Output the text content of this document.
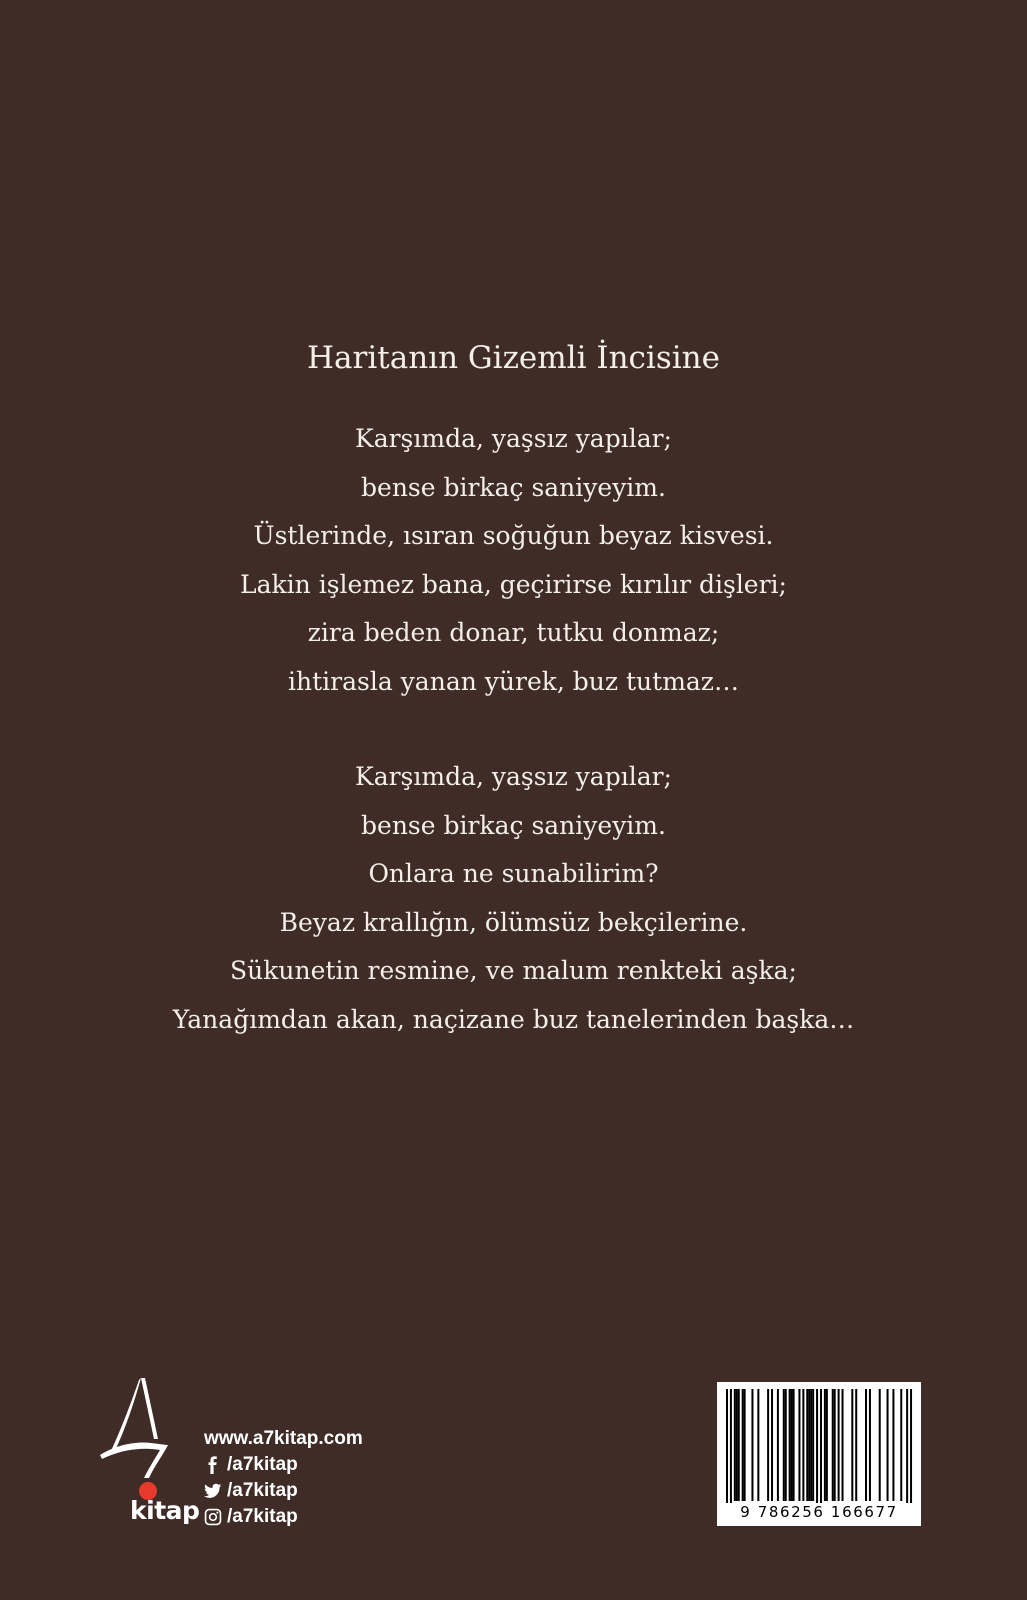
Haritanın Gizemli İncisine
Karşımda, yaşsız yapılar;
bense birkaç saniyeyim.
Üstlerinde, ısıran soğuğun beyaz kisvesi.
Lakin işlemez bana, geçirirse kırılır dişleri;
zira beden donar, tutku donmaz;
ihtirasla yanan yürek, buz tutmaz…
Karşımda, yaşsız yapılar;
bense birkaç saniyeyim.
Onlara ne sunabilirim?
Beyaz krallığın, ölümsüz bekçilerine.
Sükunetin resmine, ve malum renkteki aşka;
Yanağımdan akan, naçizane buz tanelerinden başka…
kitap
www.a7kitap.com
/a7kitap
/a7kitap
/a7kitap	9 786256 166677
